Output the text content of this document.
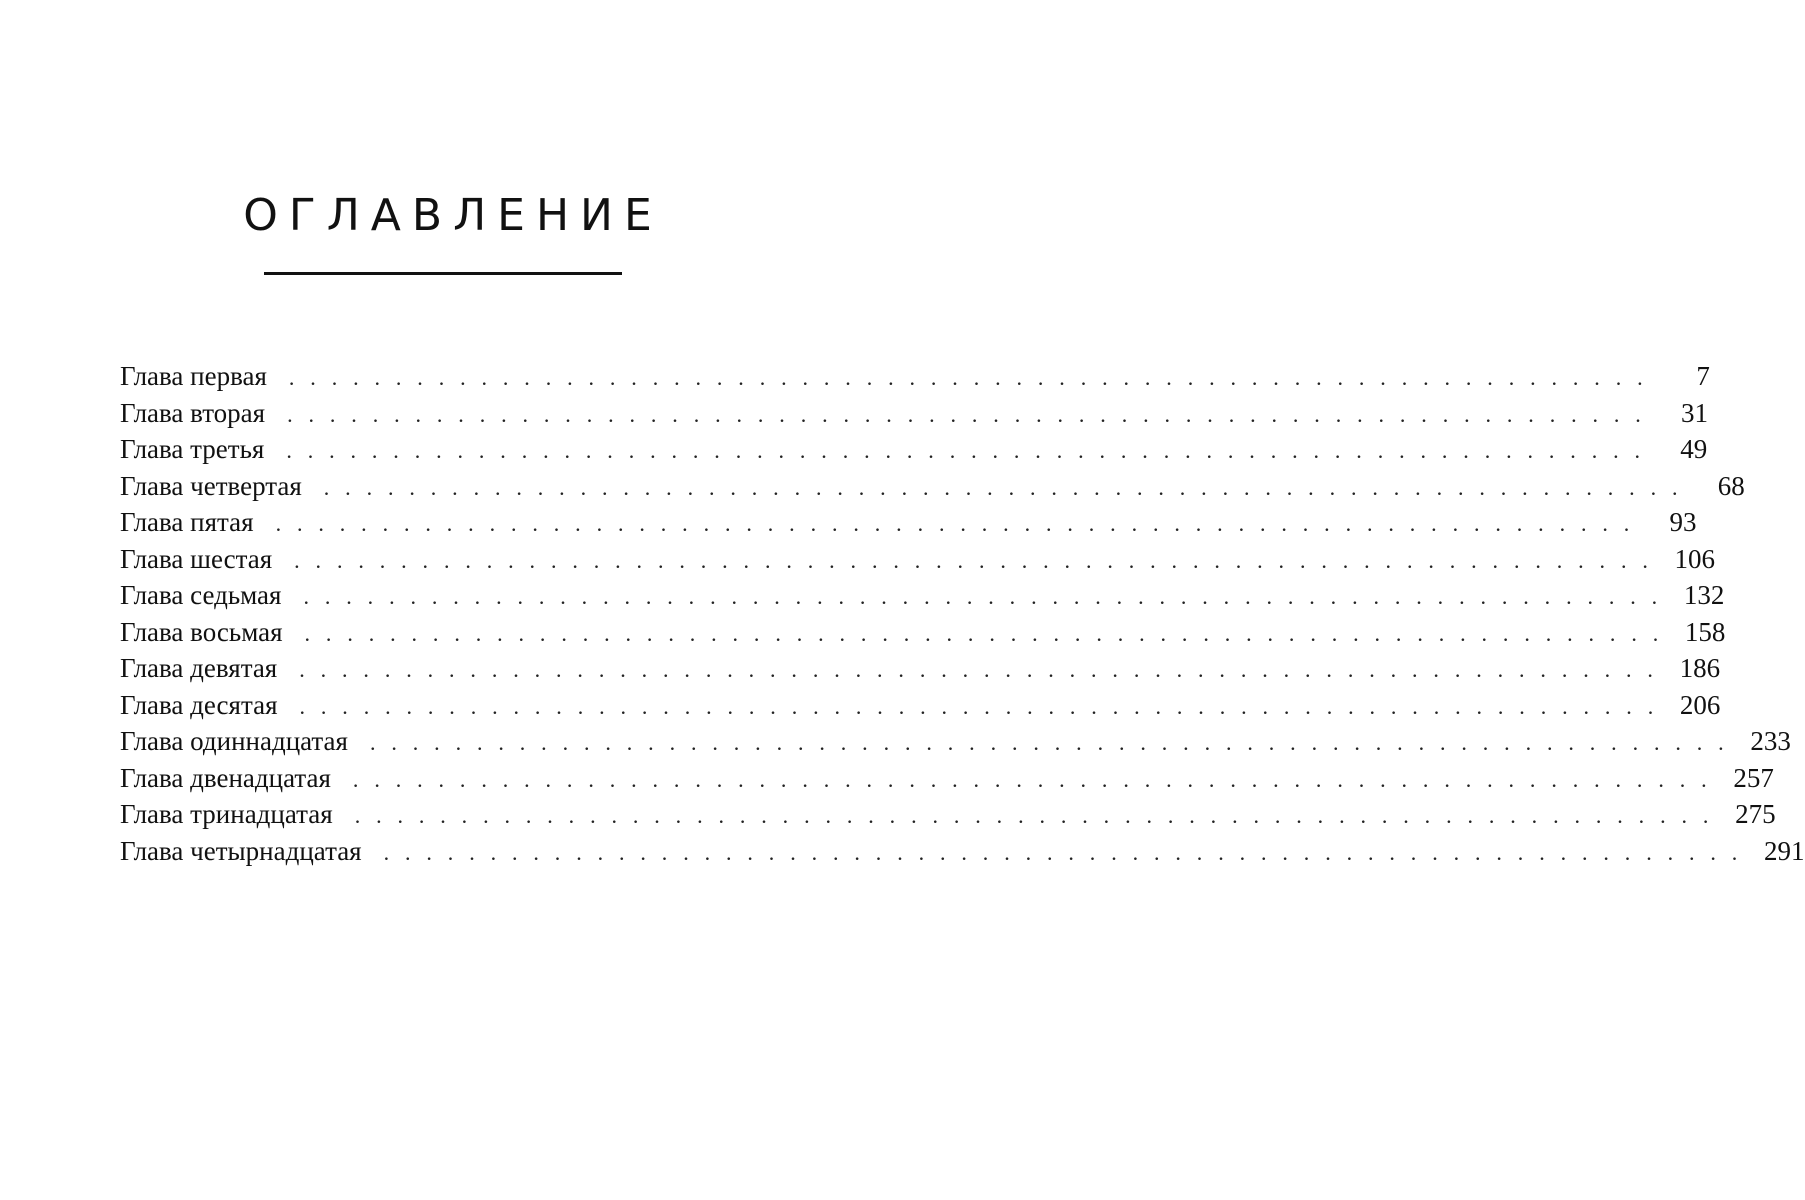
ОГЛАВЛЕНИЕ
Глава первая . . . . . . . . . . . . . . . . . . . . . . . . . . . . . . . . . . . . . . . . . . . . . . . . . . . . . . . . . . . . . . . .	7
Глава вторая . . . . . . . . . . . . . . . . . . . . . . . . . . . . . . . . . . . . . . . . . . . . . . . . . . . . . . . . . . . . . . . .	31
Глава третья . . . . . . . . . . . . . . . . . . . . . . . . . . . . . . . . . . . . . . . . . . . . . . . . . . . . . . . . . . . . . . . .	49
Глава четвертая . . . . . . . . . . . . . . . . . . . . . . . . . . . . . . . . . . . . . . . . . . . . . . . . . . . . . . . . . . . . . . . .	68
Глава пятая . . . . . . . . . . . . . . . . . . . . . . . . . . . . . . . . . . . . . . . . . . . . . . . . . . . . . . . . . . . . . . . .	93
Глава шестая . . . . . . . . . . . . . . . . . . . . . . . . . . . . . . . . . . . . . . . . . . . . . . . . . . . . . . . . . . . . . . . . 106
Глава седьмая . . . . . . . . . . . . . . . . . . . . . . . . . . . . . . . . . . . . . . . . . . . . . . . . . . . . . . . . . . . . . . . . 132
Глава восьмая . . . . . . . . . . . . . . . . . . . . . . . . . . . . . . . . . . . . . . . . . . . . . . . . . . . . . . . . . . . . . . . . 158
Глава девятая . . . . . . . . . . . . . . . . . . . . . . . . . . . . . . . . . . . . . . . . . . . . . . . . . . . . . . . . . . . . . . . . 186
Глава десятая . . . . . . . . . . . . . . . . . . . . . . . . . . . . . . . . . . . . . . . . . . . . . . . . . . . . . . . . . . . . . . . . 206
Глава одиннадцатая . . . . . . . . . . . . . . . . . . . . . . . . . . . . . . . . . . . . . . . . . . . . . . . . . . . . . . . . . . . . . . . . 233
Глава двенадцатая . . . . . . . . . . . . . . . . . . . . . . . . . . . . . . . . . . . . . . . . . . . . . . . . . . . . . . . . . . . . . . . . 257
Глава тринадцатая . . . . . . . . . . . . . . . . . . . . . . . . . . . . . . . . . . . . . . . . . . . . . . . . . . . . . . . . . . . . . . . . 275
Глава четырнадцатая . . . . . . . . . . . . . . . . . . . . . . . . . . . . . . . . . . . . . . . . . . . . . . . . . . . . . . . . . . . . . . . . 291
